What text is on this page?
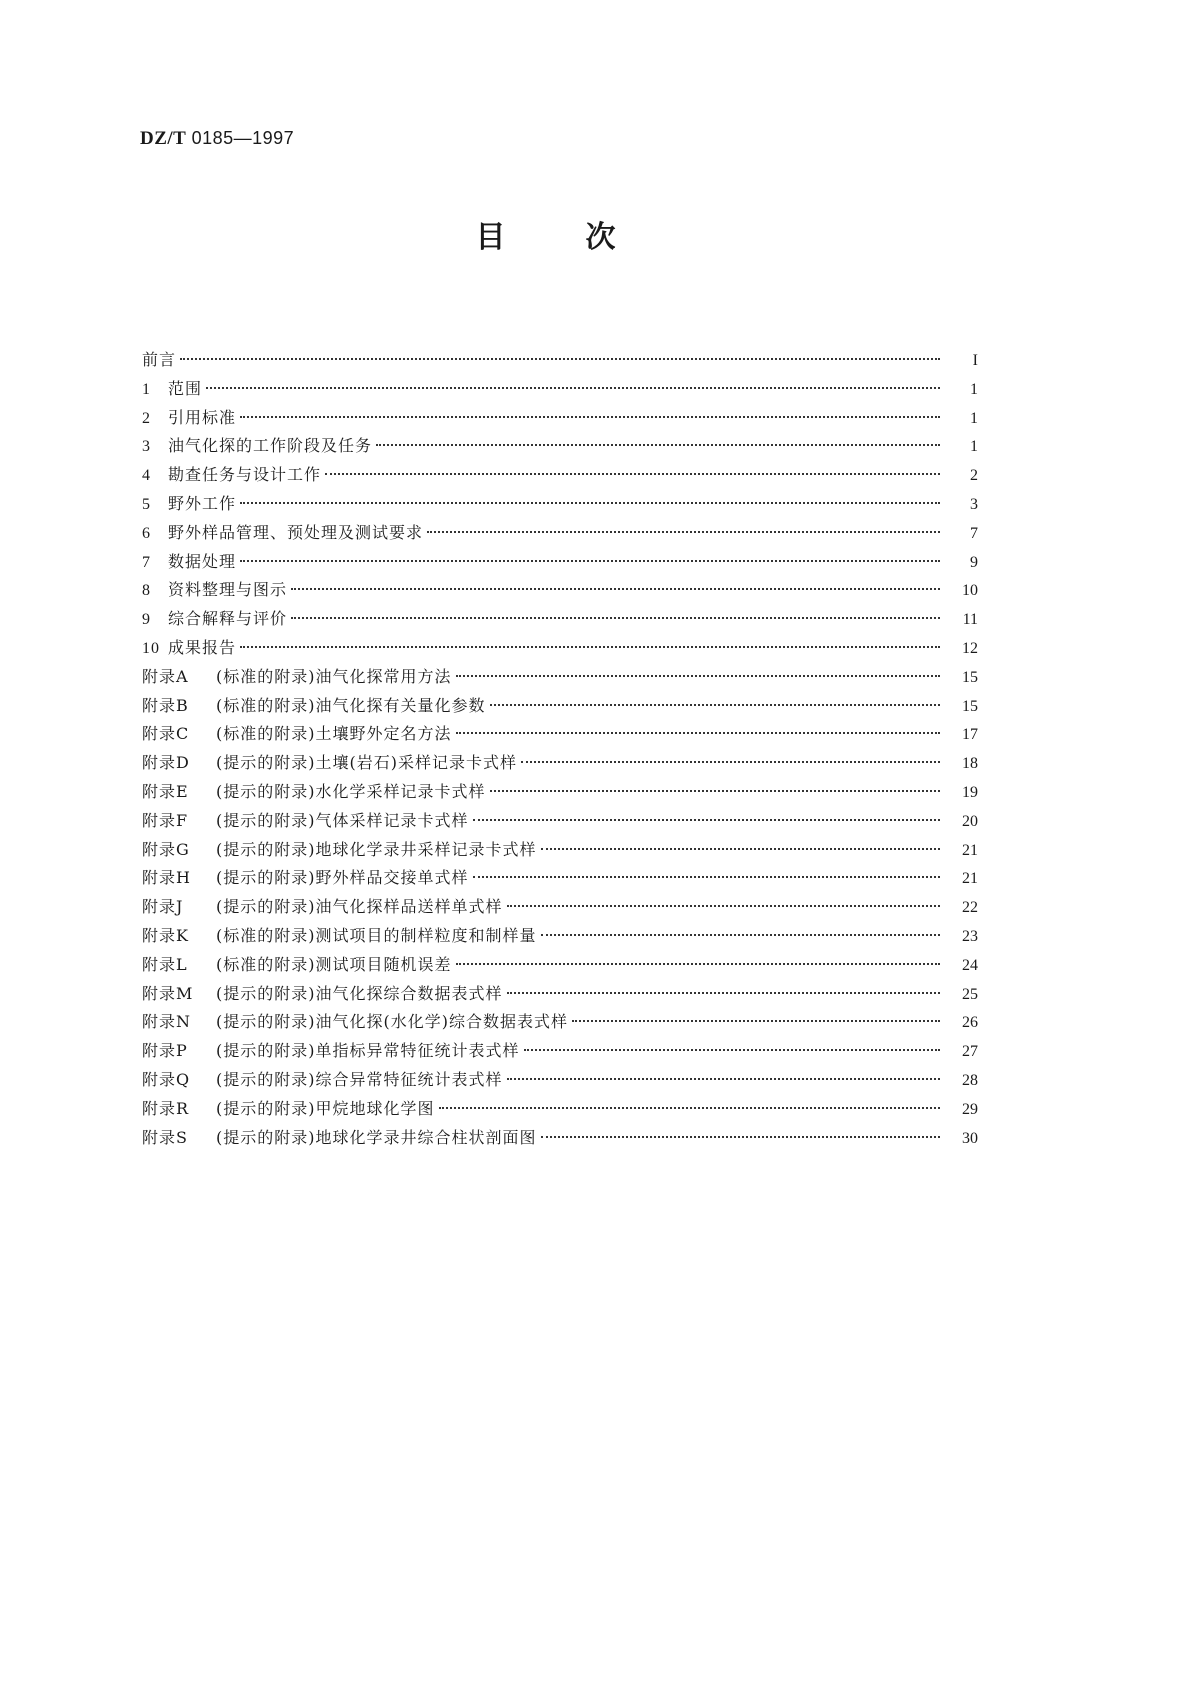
DZ/T 0185—1997
目次
前言	I
1 范围	1
2 引用标准	1
3 油气化探的工作阶段及任务	1
4 勘查任务与设计工作	2
5 野外工作	3
6 野外样品管理、预处理及测试要求	7
7 数据处理	9
8 资料整理与图示	10
9 综合解释与评价	11
10 成果报告	12
附录A (标准的附录)油气化探常用方法	15
附录B (标准的附录)油气化探有关量化参数	15
附录C (标准的附录)土壤野外定名方法	17
附录D (提示的附录)土壤(岩石)采样记录卡式样	18
附录E (提示的附录)水化学采样记录卡式样	19
附录F (提示的附录)气体采样记录卡式样	20
附录G (提示的附录)地球化学录井采样记录卡式样	21
附录H (提示的附录)野外样品交接单式样	21
附录J (提示的附录)油气化探样品送样单式样	22
附录K (标准的附录)测试项目的制样粒度和制样量	23
附录L (标准的附录)测试项目随机误差	24
附录M (提示的附录)油气化探综合数据表式样	25
附录N (提示的附录)油气化探(水化学)综合数据表式样	26
附录P (提示的附录)单指标异常特征统计表式样	27
附录Q (提示的附录)综合异常特征统计表式样	28
附录R (提示的附录)甲烷地球化学图	29
附录S (提示的附录)地球化学录井综合柱状剖面图	30
